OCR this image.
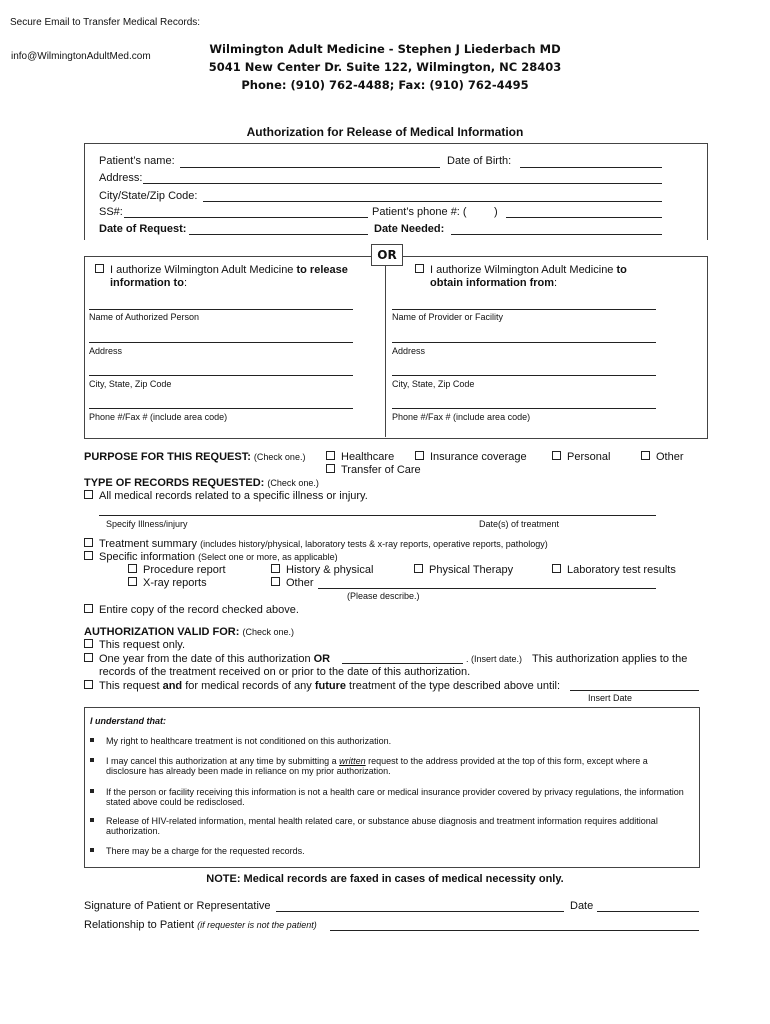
Secure Email to Transfer Medical Records:
info@WilmingtonAdultMed.com
Wilmington Adult Medicine - Stephen J Liederbach MD
5041 New Center Dr. Suite 122, Wilmington, NC 28403
Phone: (910) 762-4488; Fax: (910) 762-4495
Authorization for Release of Medical Information
Patient’s name:	Date of Birth:
Address:
City/State/Zip Code:
SS#:	Patient’s phone #: ( )
Date of Request:	Date Needed:
OR
I authorize Wilmington Adult Medicine to release
information to:
Name of Authorized Person
Address
City, State, Zip Code
Phone #/Fax # (include area code)
I authorize Wilmington Adult Medicine to
obtain information from:
Name of Provider or Facility
Address
City, State, Zip Code
Phone #/Fax # (include area code)
PURPOSE FOR THIS REQUEST: (Check one.)	Healthcare	Insurance coverage	Personal	Other
Transfer of Care
TYPE OF RECORDS REQUESTED: (Check one.)
All medical records related to a specific illness or injury.
Specify Illness/injury	Date(s) of treatment
Treatment summary (includes history/physical, laboratory tests & x-ray reports, operative reports, pathology)
Specific information (Select one or more, as applicable)
Procedure report	History & physical	Physical Therapy	Laboratory test results
X-ray reports	Other
(Please describe.)
Entire copy of the record checked above.
AUTHORIZATION VALID FOR: (Check one.)
This request only.
One year from the date of this authorization OR	. (Insert date.) This authorization applies to the
records of the treatment received on or prior to the date of this authorization.
This request and for medical records of any future treatment of the type described above until:
Insert Date
I understand that:
My right to healthcare treatment is not conditioned on this authorization.
I may cancel this authorization at any time by submitting a written request to the address provided at the top of this form, except where a disclosure has already been made in reliance on my prior authorization.
If the person or facility receiving this information is not a health care or medical insurance provider covered by privacy regulations, the information stated above could be redisclosed.
Release of HIV-related information, mental health related care, or substance abuse diagnosis and treatment information requires additional authorization.
There may be a charge for the requested records.
NOTE: Medical records are faxed in cases of medical necessity only.
Signature of Patient or Representative	Date
Relationship to Patient (if requester is not the patient)
